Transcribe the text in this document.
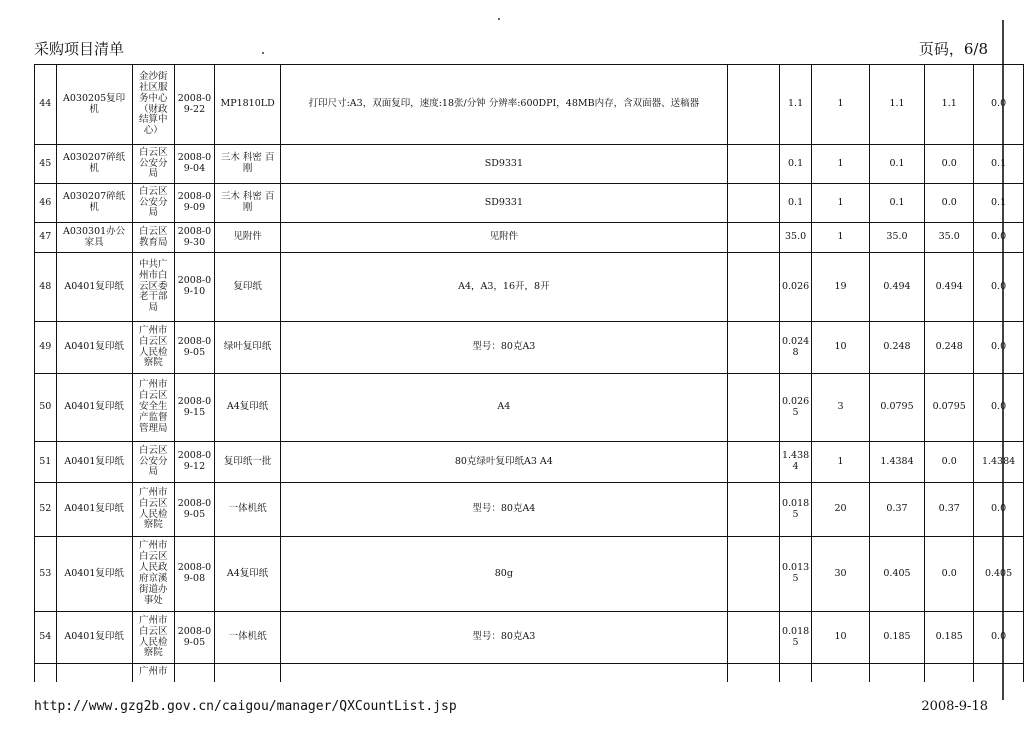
采购项目清单	页码，6/8
44	A030205复印机	金沙街社区服务中心（财政结算中心）	2008-09-22	MP1810LD	打印尺寸:A3，双面复印，速度:18张/分钟 分辨率:600DPI，48MB内存，含双面器、送稿器		1.1	1	1.1	1.1	0.0
45	A030207碎纸机	白云区公安分局	2008-09-04	三木 科密 百刚	SD9331		0.1	1	0.1	0.0	0.1
46	A030207碎纸机	白云区公安分局	2008-09-09	三木 科密 百刚	SD9331		0.1	1	0.1	0.0	0.1
47	A030301办公家具	白云区教育局	2008-09-30	见附件	见附件		35.0	1	35.0	35.0	0.0
48	A0401复印纸	中共广州市白云区委老干部局	2008-09-10	复印纸	A4，A3，16开，8开		0.026	19	0.494	0.494	0.0
49	A0401复印纸	广州市白云区人民检察院	2008-09-05	绿叶复印纸	型号：80克A3		0.0248	10	0.248	0.248	0.0
50	A0401复印纸	广州市白云区安全生产监督管理局	2008-09-15	A4复印纸	A4		0.0265	3	0.0795	0.0795	0.0
51	A0401复印纸	白云区公安分局	2008-09-12	复印纸一批	80克绿叶复印纸A3 A4		1.4384	1	1.4384	0.0	1.4384
52	A0401复印纸	广州市白云区人民检察院	2008-09-05	一体机纸	型号：80克A4		0.0185	20	0.37	0.37	0.0
53	A0401复印纸	广州市白云区人民政府京溪街道办事处	2008-09-08	A4复印纸	80g		0.0135	30	0.405	0.0	0.405
54	A0401复印纸	广州市白云区人民检察院	2008-09-05	一体机纸	型号：80克A3		0.0185	10	0.185	0.185	0.0
		广州市									
http://www.gzg2b.gov.cn/caigou/manager/QXCountList.jsp	2008-9-18
